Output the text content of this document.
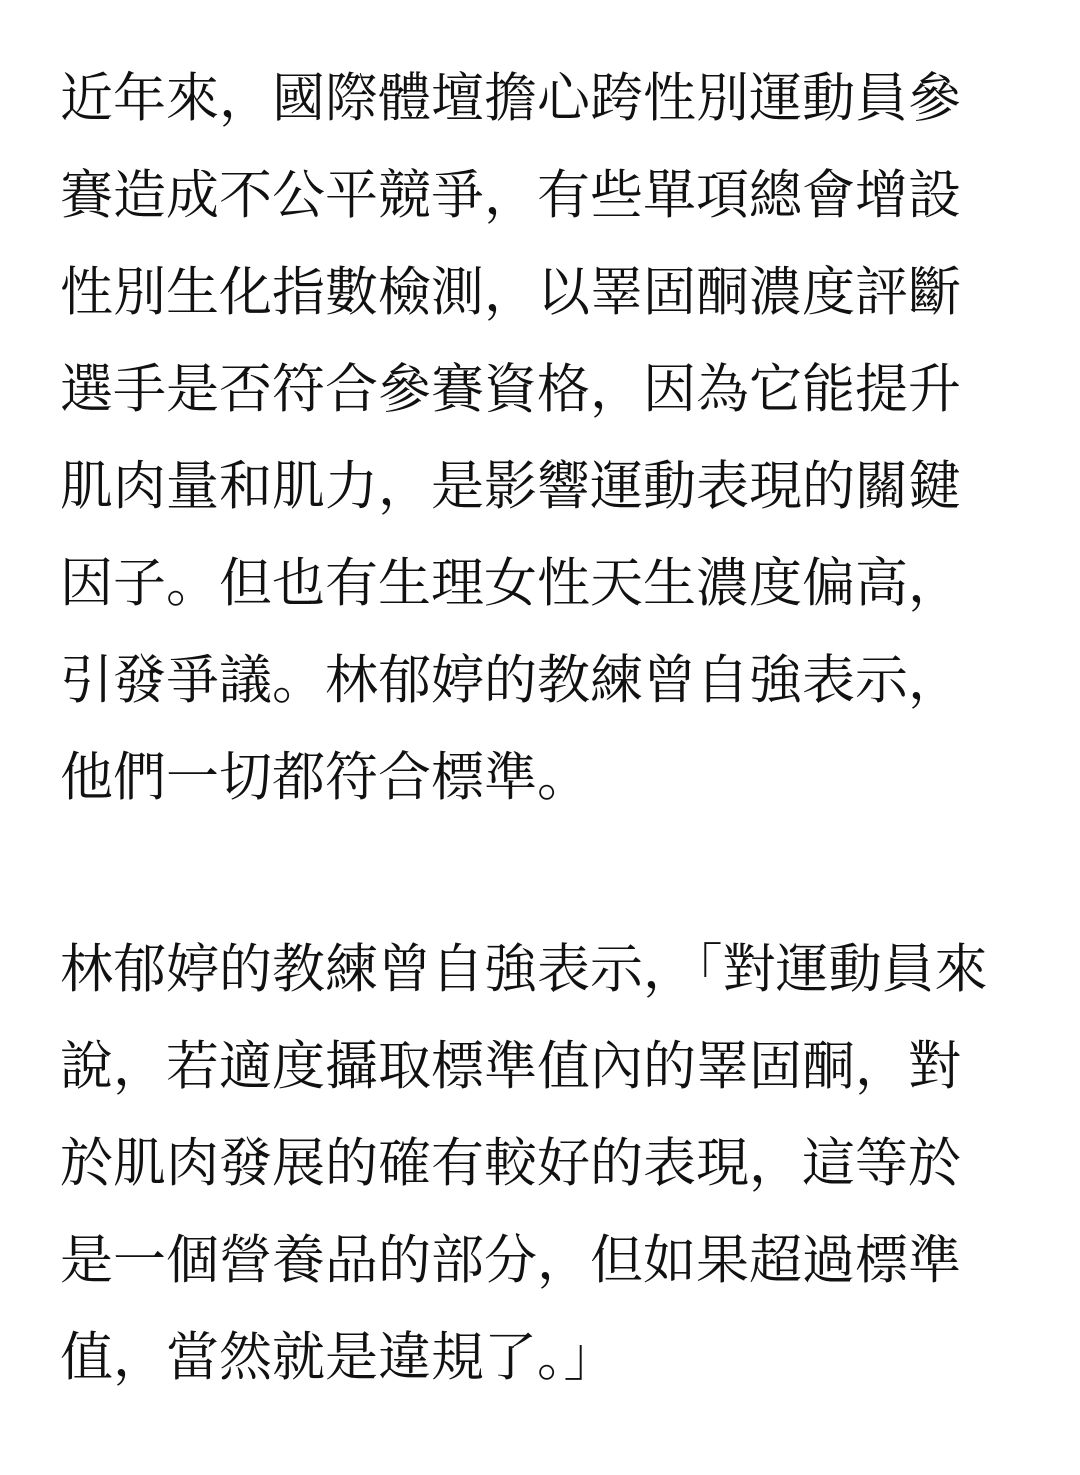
近年來，國際體壇擔心跨性別運動員參
賽造成不公平競爭，有些單項總會增設
性別生化指數檢測，以睪固酮濃度評斷
選手是否符合參賽資格，因為它能提升
肌肉量和肌力，是影響運動表現的關鍵
因子。但也有生理女性天生濃度偏高，
引發爭議。林郁婷的教練曾自強表示，
他們一切都符合標準。

林郁婷的教練曾自強表示，「對運動員來
說，若適度攝取標準值內的睪固酮，對
於肌肉發展的確有較好的表現，這等於
是一個營養品的部分，但如果超過標準
值，當然就是違規了。」
